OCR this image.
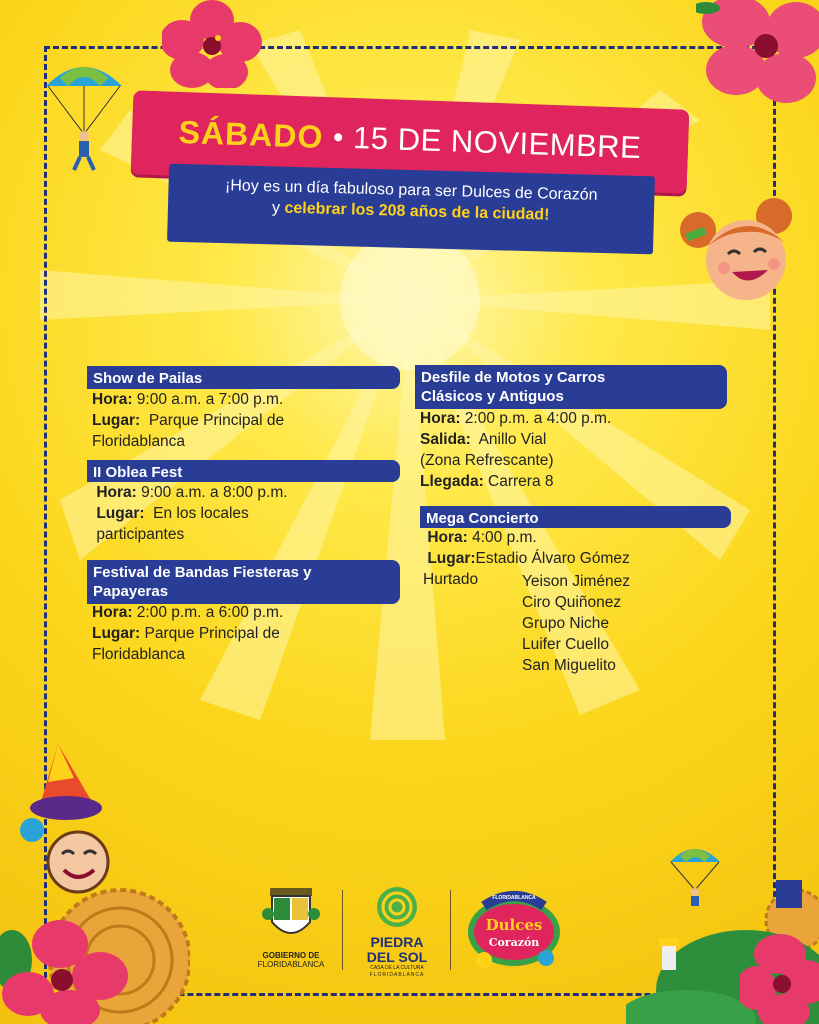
SÁBADO • 15 DE NOVIEMBRE
¡Hoy es un día fabuloso para ser Dulces de Corazón
y celebrar los 208 años de la ciudad!
Show de Pailas
Hora: 9:00 a.m. a 7:00 p.m.
Lugar: Parque Principal de
Floridablanca
II Oblea Fest
Hora: 9:00 a.m. a 8:00 p.m.
Lugar: En los locales
participantes
Festival de Bandas Fiesteras y
Papayeras
Hora: 2:00 p.m. a 6:00 p.m.
Lugar: Parque Principal de
Floridablanca
Desfile de Motos y Carros
Clásicos y Antiguos
Hora: 2:00 p.m. a 4:00 p.m.
Salida: Anillo Vial
(Zona Refrescante)
Llegada: Carrera 8
Mega Concierto
Hora: 4:00 p.m.
Lugar:Estadio Álvaro Gómez
Hurtado	Yeison Jiménez
Ciro Quiñonez
Grupo Niche
Luifer Cuello
San Miguelito
GOBIERNO DE
FLORIDABLANCA
PIEDRA
DEL SOL
CASA DE LA CULTURA
FLORIDABLANCA
FLORIDABLANCA
Dulces
Corazón
